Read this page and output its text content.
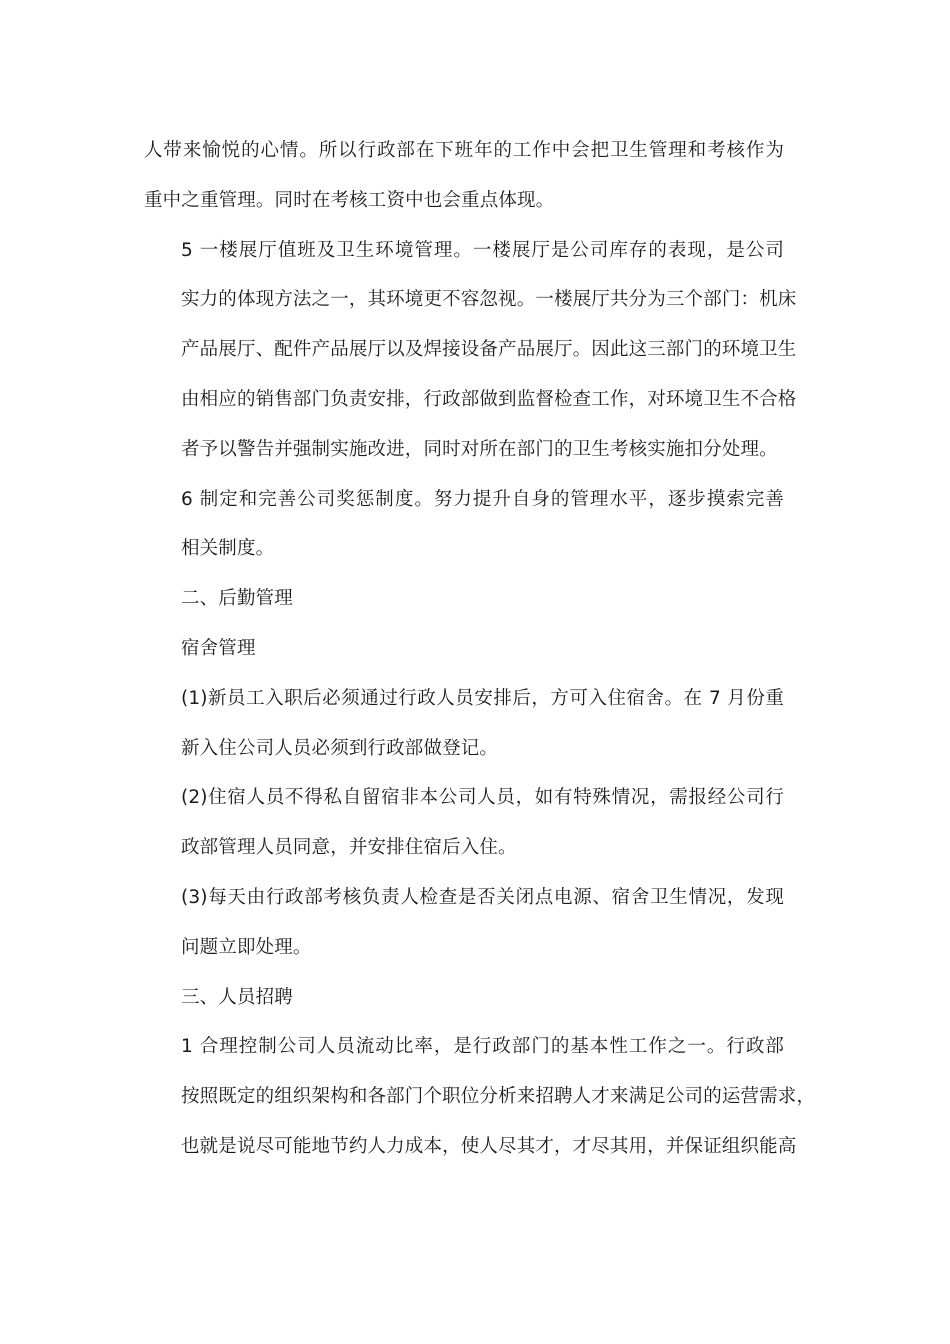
人带来愉悦的心情。所以行政部在下班年的工作中会把卫生管理和考核作为
重中之重管理。同时在考核工资中也会重点体现。

5 一楼展厅值班及卫生环境管理。一楼展厅是公司库存的表现，是公司
实力的体现方法之一，其环境更不容忽视。一楼展厅共分为三个部门：机床
产品展厅、配件产品展厅以及焊接设备产品展厅。因此这三部门的环境卫生
由相应的销售部门负责安排，行政部做到监督检查工作，对环境卫生不合格
者予以警告并强制实施改进，同时对所在部门的卫生考核实施扣分处理。

6 制定和完善公司奖惩制度。努力提升自身的管理水平，逐步摸索完善
相关制度。

二、后勤管理

宿舍管理

(1)新员工入职后必须通过行政人员安排后，方可入住宿舍。在 7 月份重
新入住公司人员必须到行政部做登记。

(2)住宿人员不得私自留宿非本公司人员，如有特殊情况，需报经公司行
政部管理人员同意，并安排住宿后入住。

(3)每天由行政部考核负责人检查是否关闭点电源、宿舍卫生情况，发现
问题立即处理。

三、人员招聘

1 合理控制公司人员流动比率，是行政部门的基本性工作之一。行政部
按照既定的组织架构和各部门个职位分析来招聘人才来满足公司的运营需求，
也就是说尽可能地节约人力成本，使人尽其才，才尽其用，并保证组织能高
